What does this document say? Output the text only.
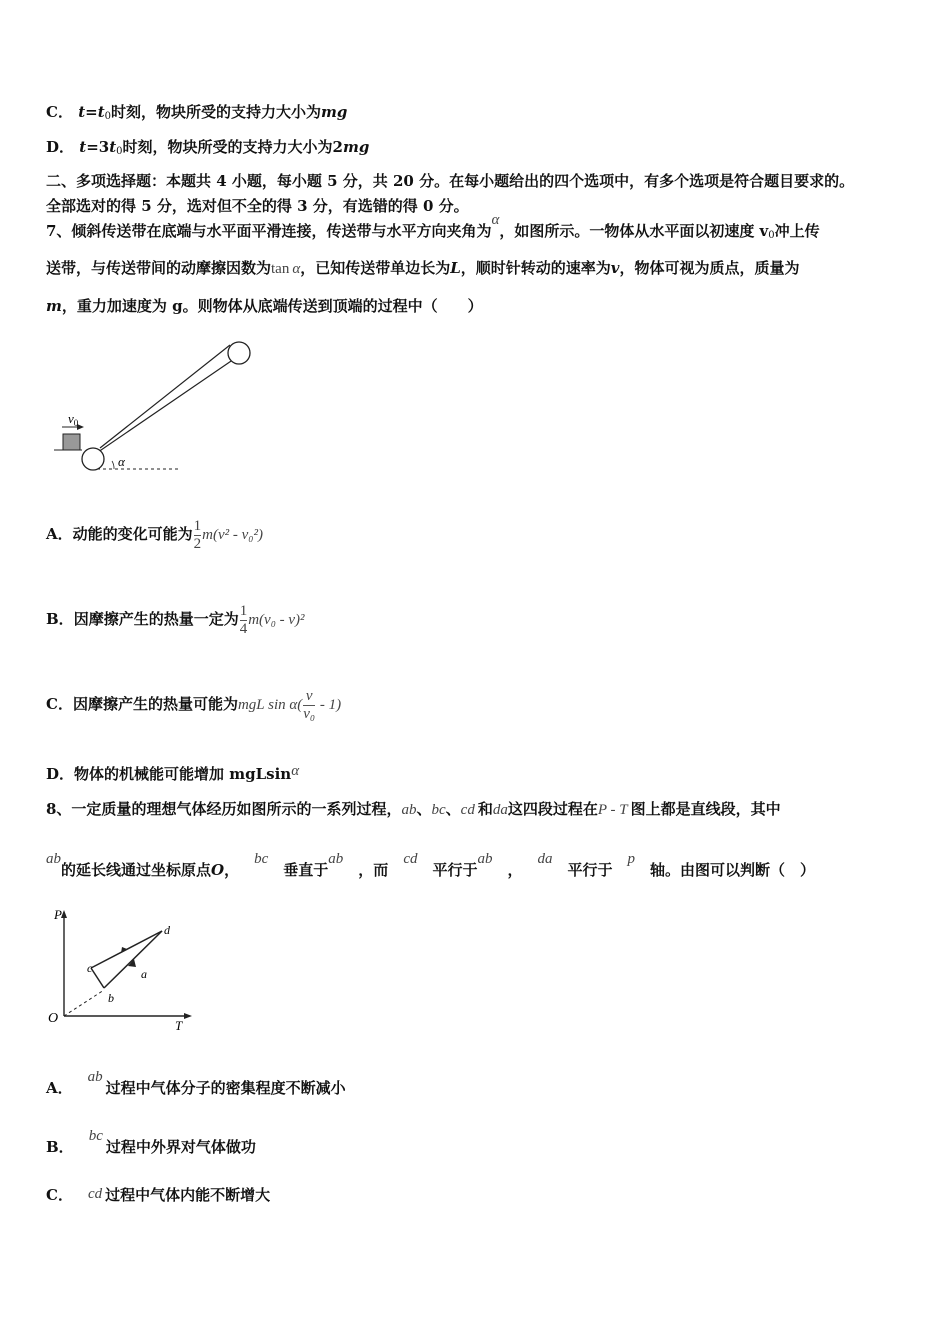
C． $t=t_0$时刻，物块所受的支持力大小为mg
D． $t=3t_0$时刻，物块所受的支持力大小为2mg
二、多项选择题：本题共 4 小题，每小题 5 分，共 20 分。在每小题给出的四个选项中，有多个选项是符合题目要求的。
全部选对的得 5 分，选对但不全的得 3 分，有选错的得 0 分。
7、倾斜传送带在底端与水平面平滑连接，传送带与水平方向夹角为α，如图所示。一物体从水平面以初速度 $v_0$冲上传
送带，与传送带间的动摩擦因数为tan  α，已知传送带单边长为L，顺时针转动的速率为v，物体可视为质点，质量为
m，重力加速度为 g。则物体从底端传送到顶端的过程中（　　）
$v_0$
α
A．动能的变化可能为 $\frac{1}{2} m(v^2 - v_0^2)$
B．因摩擦产生的热量一定为 $\frac{1}{4} m(v_0 - v)^2$
C．因摩擦产生的热量可能为mgL $\sin \alpha( \frac{v}{\text{v₀}} - 1)$
D．物体的机械能可能增加 mgLsinα
8、一定质量的理想气体经历如图所示的一系列过程，ab、bc、cd  和da这四段过程在P - T  图上都是直线段，其中
ab的延长线通过坐标原点O， bc 垂直于ab ，而 cd 平行于ab ， da 平行于 p 轴。由图可以判断（　）
P
T
O
a
b
c
d
A． ab 过程中气体分子的密集程度不断减小
B． bc 过程中外界对气体做功
C．  cd  过程中气体内能不断增大
